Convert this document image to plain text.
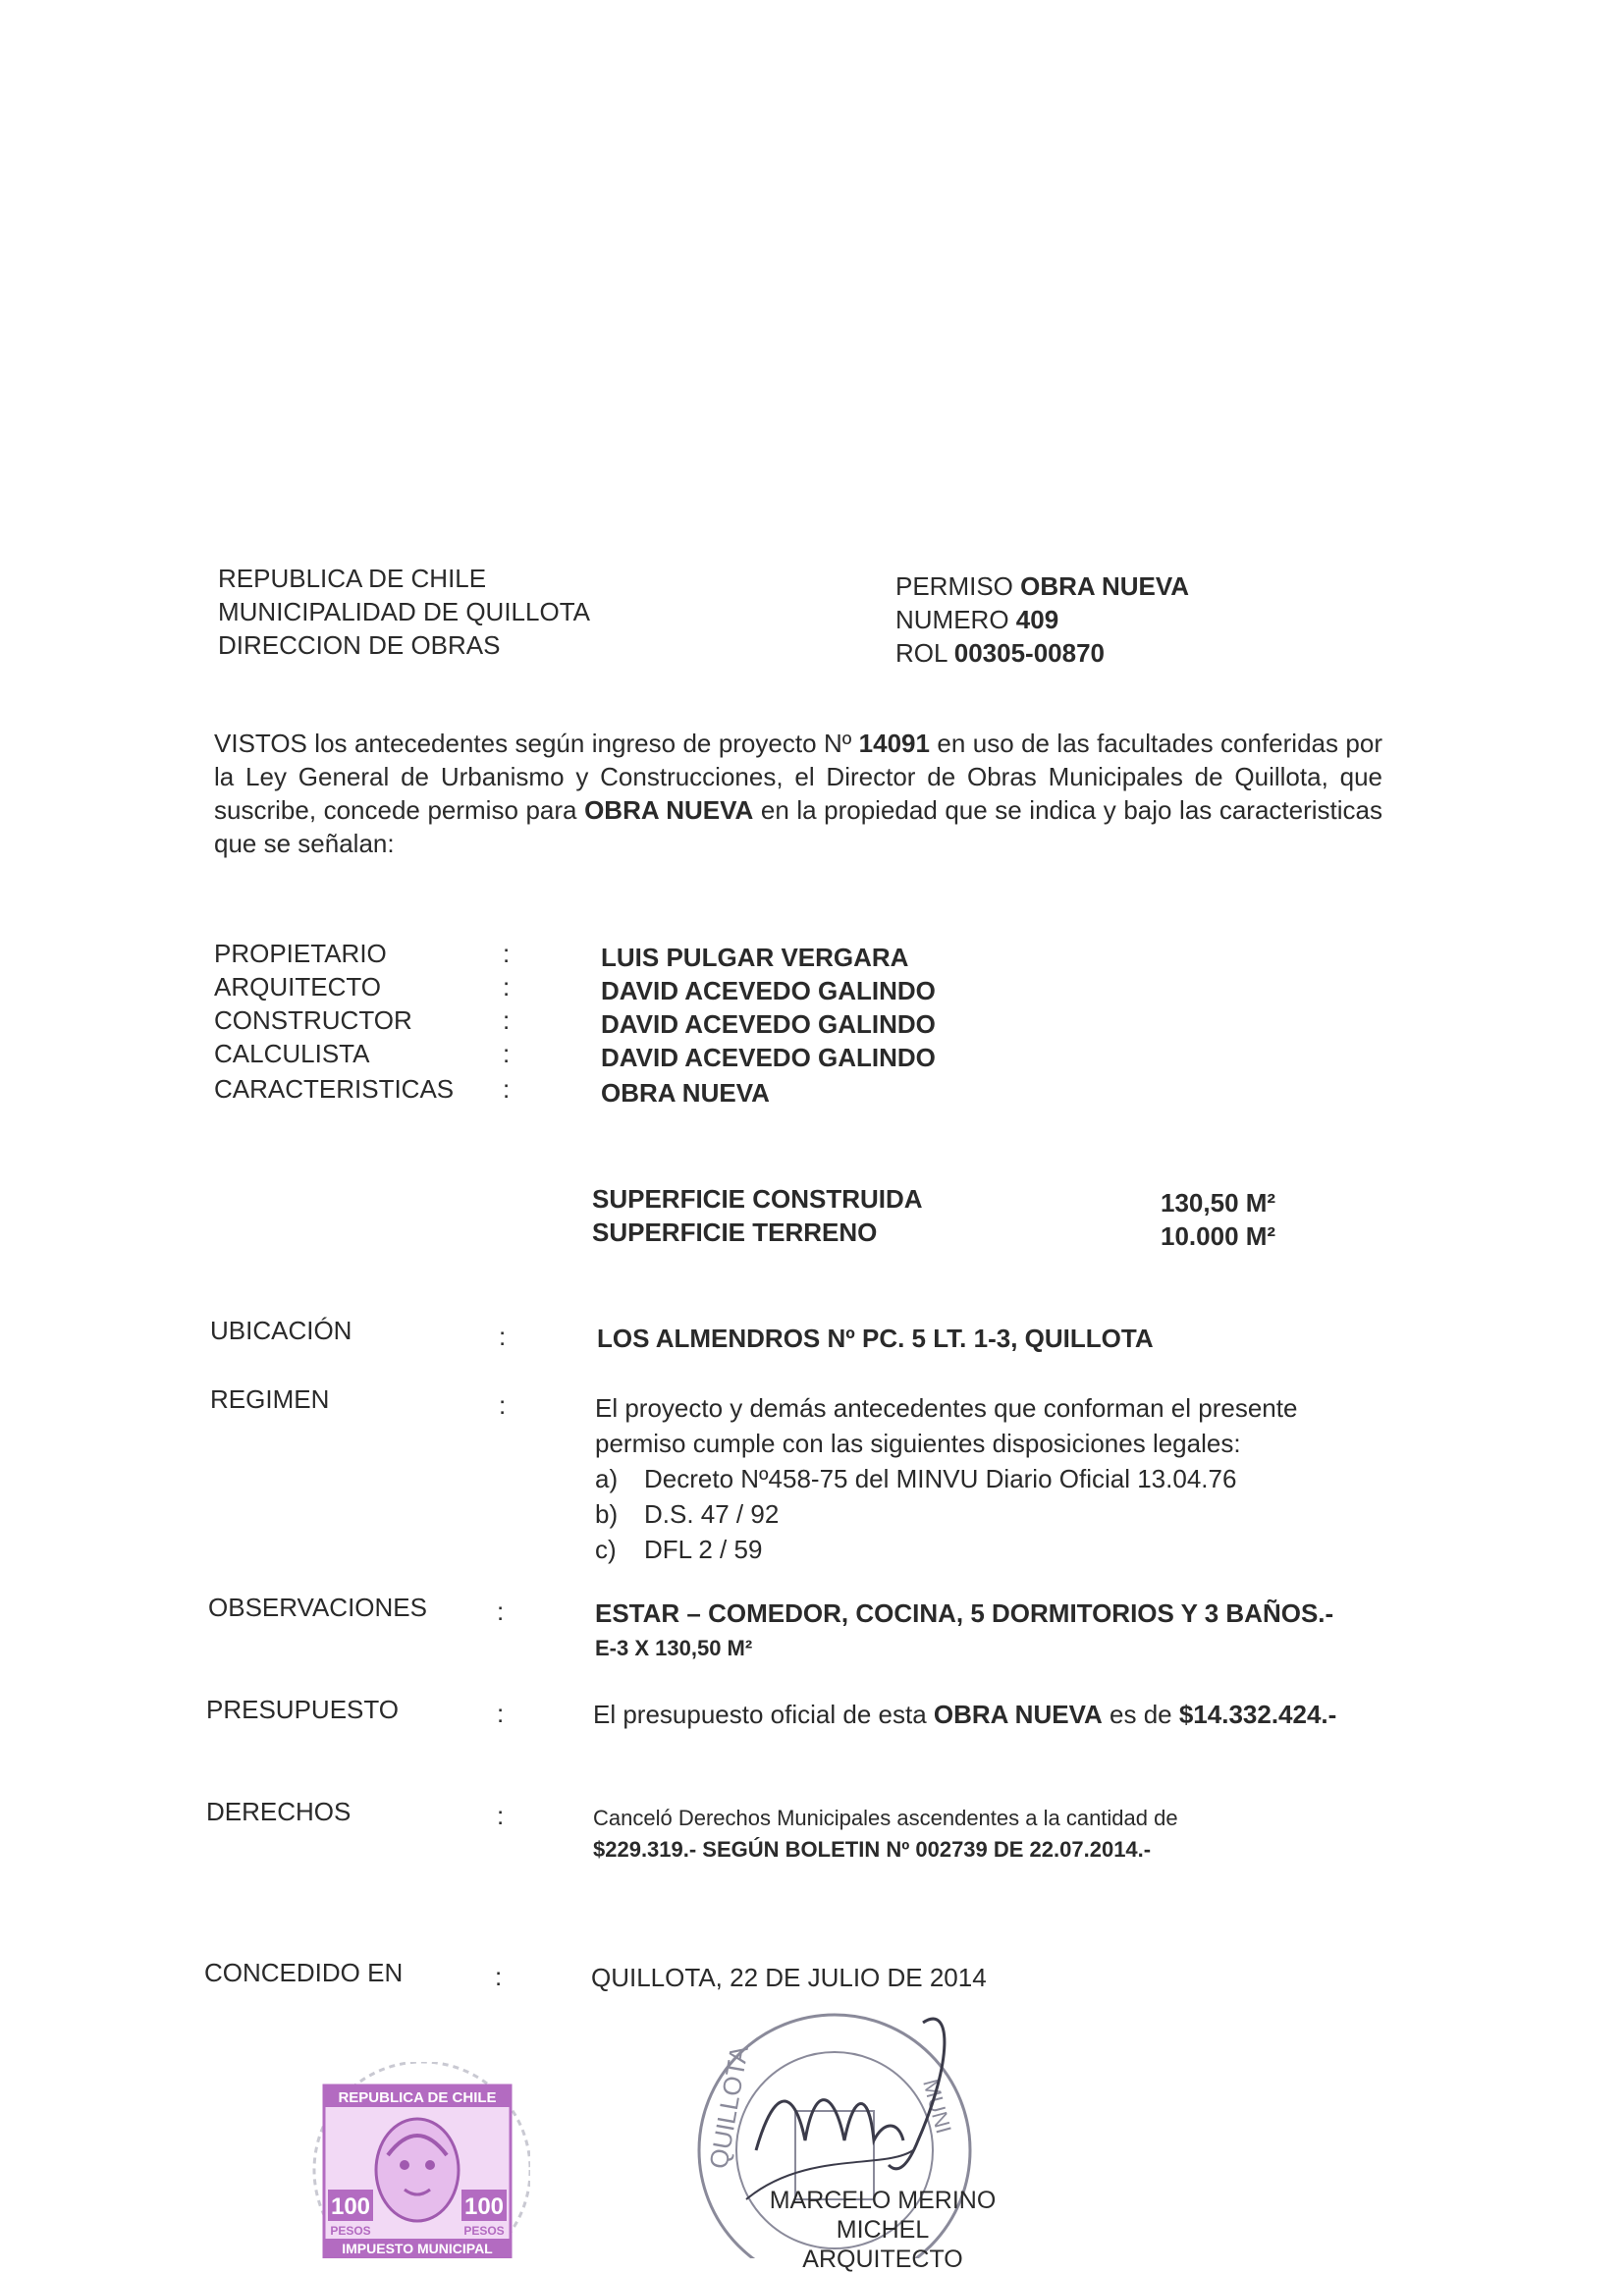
REPUBLICA DE CHILE
MUNICIPALIDAD DE QUILLOTA
DIRECCION DE OBRAS
PERMISO OBRA NUEVA
NUMERO 409
ROL 00305-00870

VISTOS los antecedentes según ingreso de proyecto Nº 14091 en uso de las facultades conferidas por la Ley General de Urbanismo y Construcciones, el Director de Obras Municipales de Quillota, que suscribe, concede permiso para OBRA NUEVA en la propiedad que se indica y bajo las caracteristicas que se señalan:

PROPIETARIO	:	LUIS PULGAR VERGARA
ARQUITECTO	:	DAVID ACEVEDO GALINDO
CONSTRUCTOR	:	DAVID ACEVEDO GALINDO
CALCULISTA	:	DAVID ACEVEDO GALINDO
CARACTERISTICAS :	OBRA NUEVA
SUPERFICIE CONSTRUIDA	130,50 M²
SUPERFICIE TERRENO	10.000 M²
UBICACIÓN	:	LOS ALMENDROS Nº PC. 5 LT. 1-3, QUILLOTA
REGIMEN	:	El proyecto y demás antecedentes que conforman el presente permiso cumple con las siguientes disposiciones legales:
a)	Decreto Nº458-75 del MINVU Diario Oficial 13.04.76
b)	D.S. 47 / 92
c)	DFL 2 / 59
OBSERVACIONES	:	ESTAR – COMEDOR, COCINA, 5 DORMITORIOS Y 3 BAÑOS.-
E-3 X 130,50 M²
PRESUPUESTO	:	El presupuesto oficial de esta OBRA NUEVA es de $14.332.424.-
DERECHOS	:	Canceló Derechos Municipales ascendentes a la cantidad de
$229.319.- SEGÚN BOLETIN Nº 002739 DE 22.07.2014.-
CONCEDIDO EN	:	QUILLOTA, 22 DE JULIO DE 2014
REPUBLICA DE CHILE
100	100
PESOS	PESOS
IMPUESTO MUNICIPAL
QUILLOTA	MUNI
MARCELO MERINO MICHEL
ARQUITECTO
